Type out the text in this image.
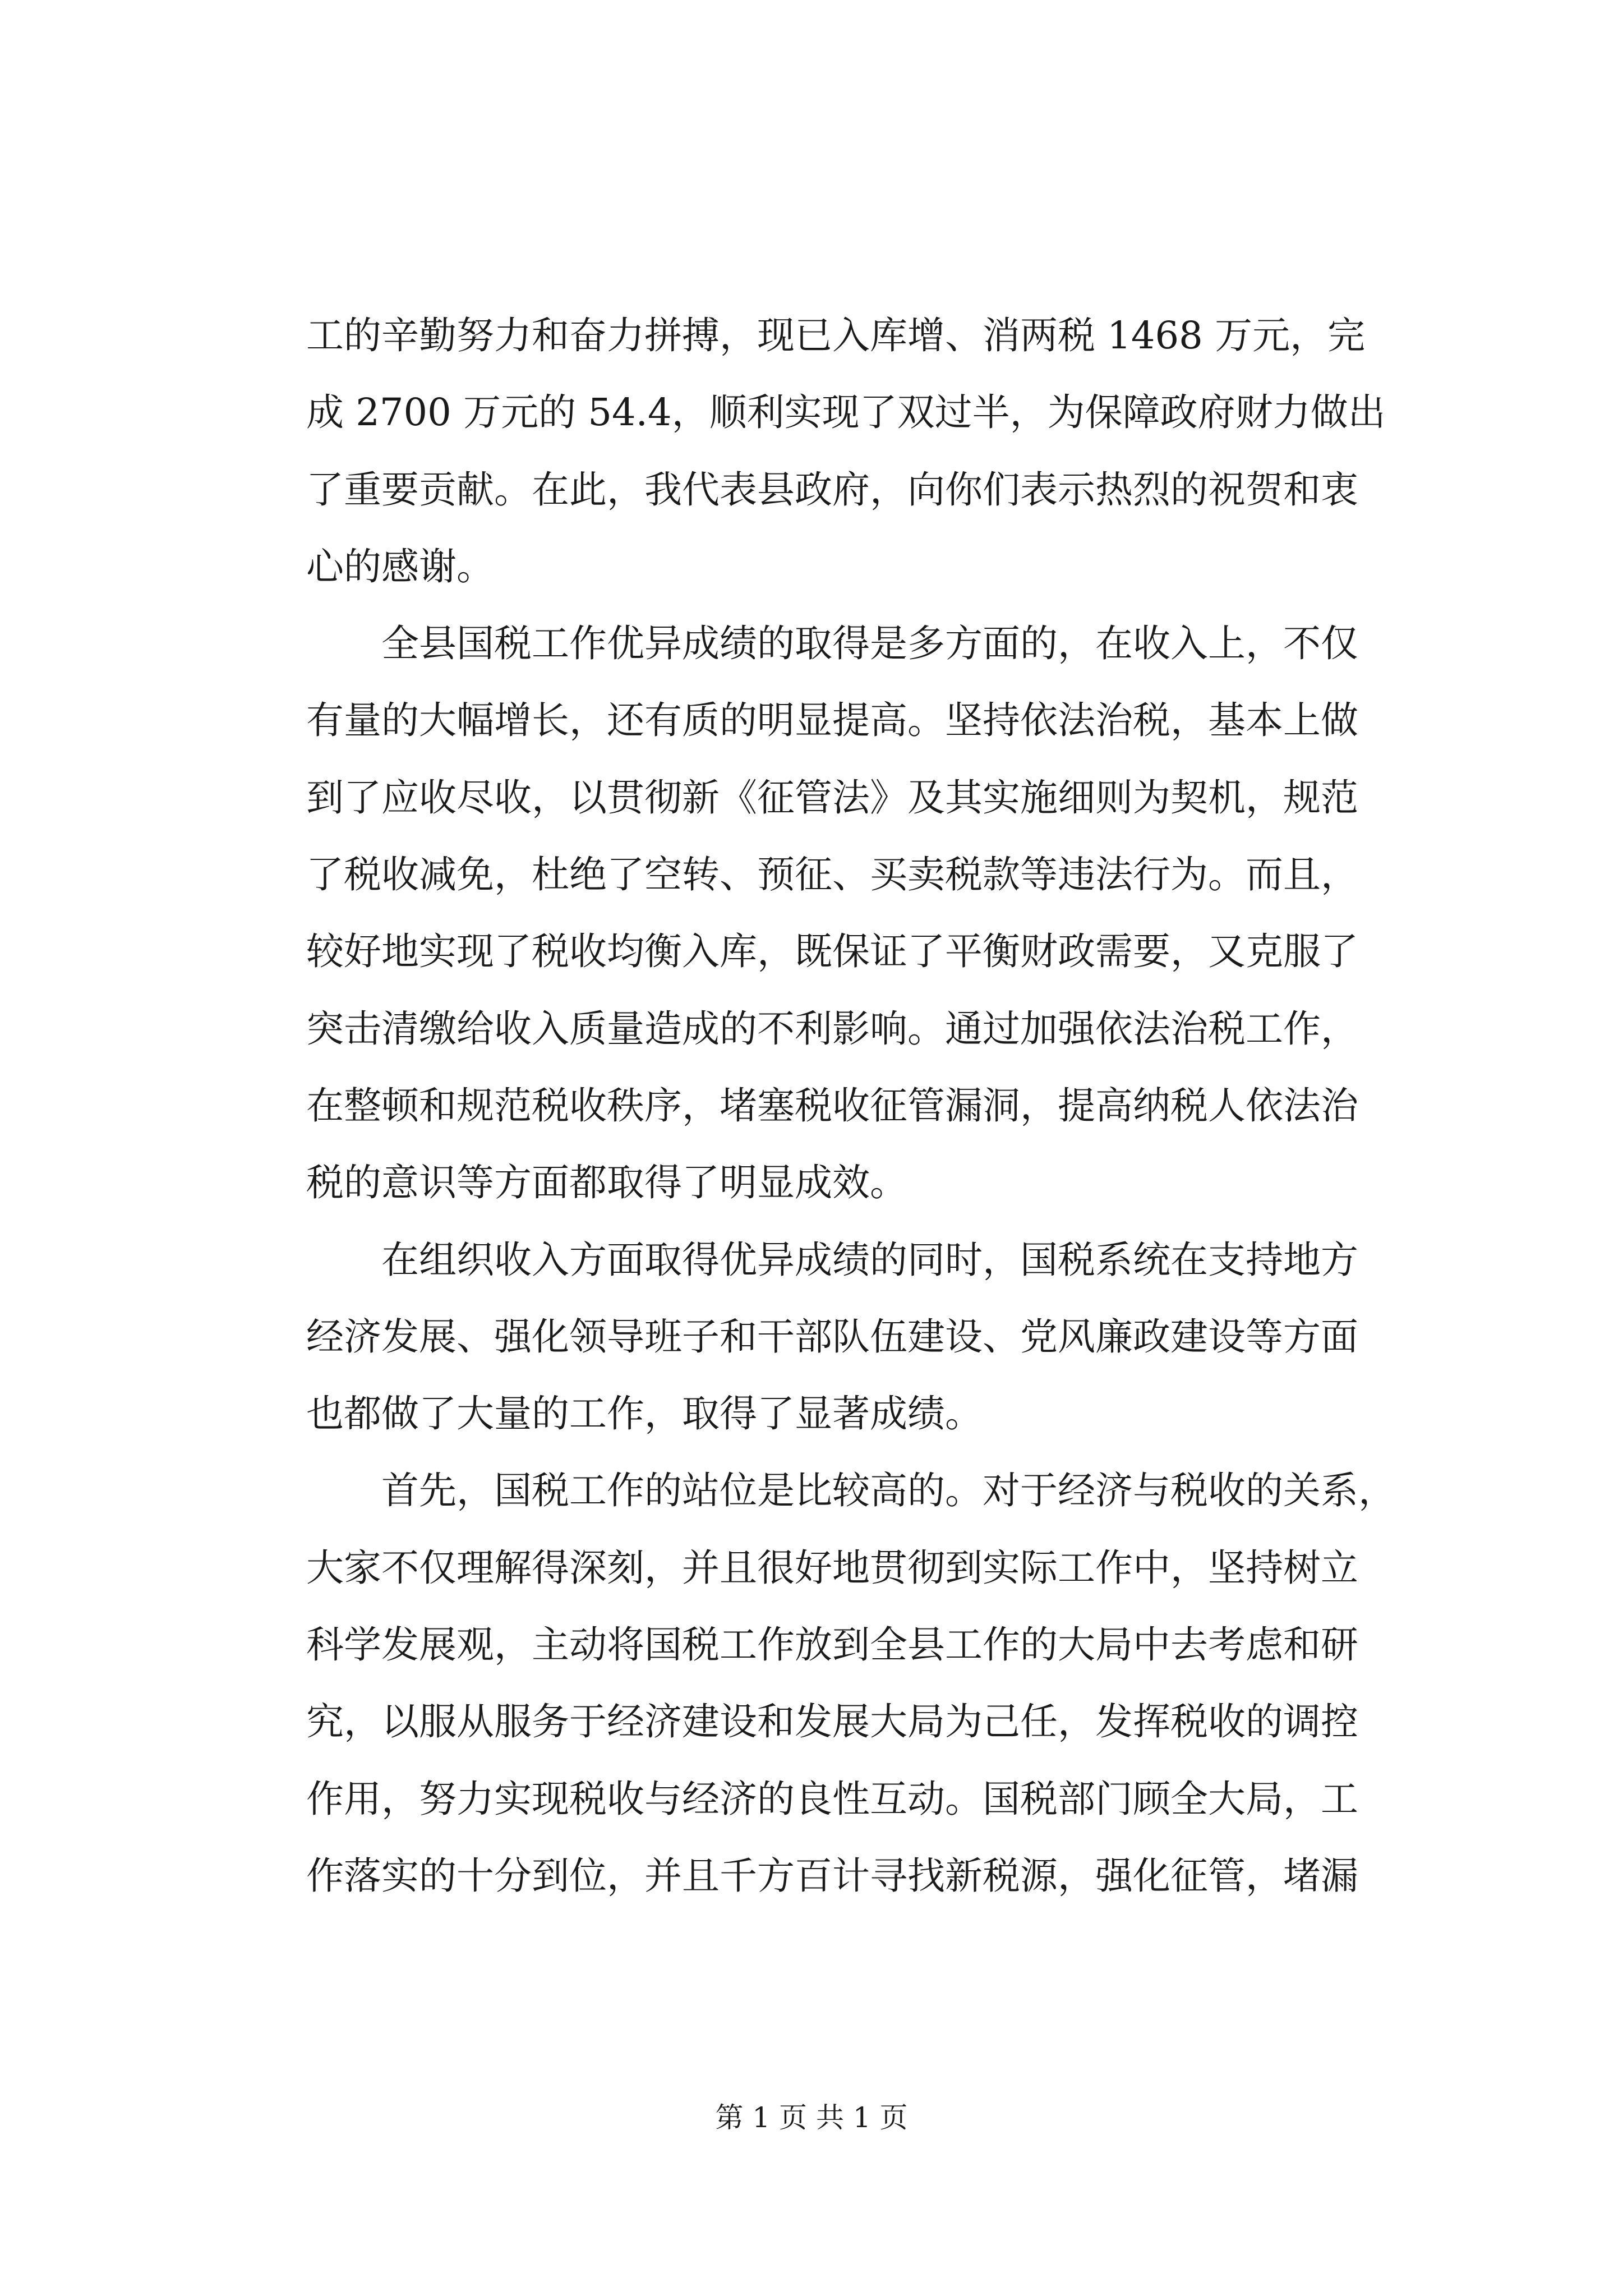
工的辛勤努力和奋力拼搏，现已入库增、消两税 1468 万元，完
成 2700 万元的 54.4，顺利实现了双过半，为保障政府财力做出
了重要贡献。在此，我代表县政府，向你们表示热烈的祝贺和衷
心的感谢。
　　全县国税工作优异成绩的取得是多方面的，在收入上，不仅
有量的大幅增长，还有质的明显提高。坚持依法治税，基本上做
到了应收尽收，以贯彻新《征管法》及其实施细则为契机，规范
了税收减免，杜绝了空转、预征、买卖税款等违法行为。而且，
较好地实现了税收均衡入库，既保证了平衡财政需要，又克服了
突击清缴给收入质量造成的不利影响。通过加强依法治税工作，
在整顿和规范税收秩序，堵塞税收征管漏洞，提高纳税人依法治
税的意识等方面都取得了明显成效。
　　在组织收入方面取得优异成绩的同时，国税系统在支持地方
经济发展、强化领导班子和干部队伍建设、党风廉政建设等方面
也都做了大量的工作，取得了显著成绩。
　　首先，国税工作的站位是比较高的。对于经济与税收的关系，
大家不仅理解得深刻，并且很好地贯彻到实际工作中，坚持树立
科学发展观，主动将国税工作放到全县工作的大局中去考虑和研
究，以服从服务于经济建设和发展大局为己任，发挥税收的调控
作用，努力实现税收与经济的良性互动。国税部门顾全大局，工
作落实的十分到位，并且千方百计寻找新税源，强化征管，堵漏
第 1 页 共 1 页
